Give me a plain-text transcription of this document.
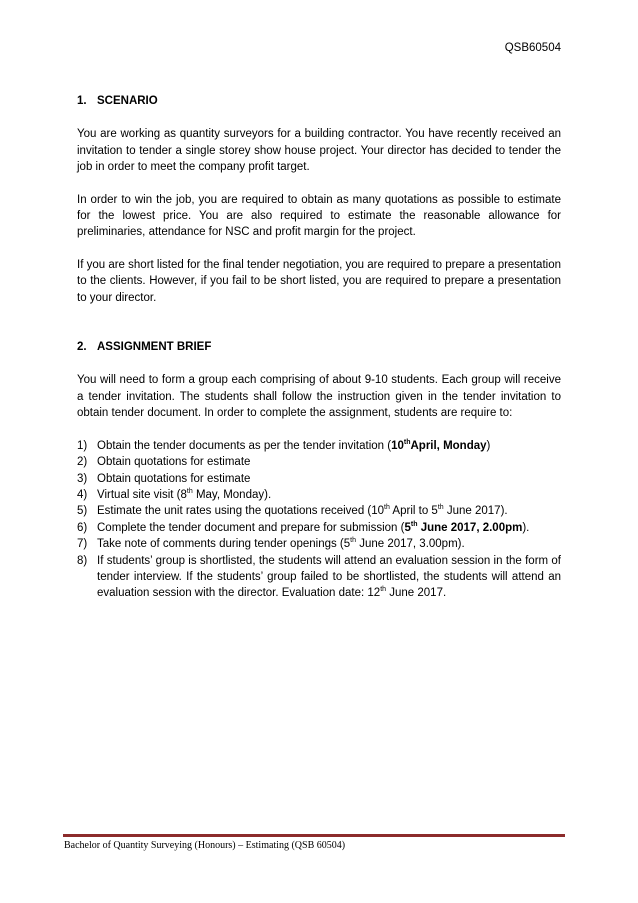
QSB60504
1. SCENARIO

You are working as quantity surveyors for a building contractor. You have recently received an invitation to tender a single storey show house project. Your director has decided to tender the job in order to meet the company profit target.

In order to win the job, you are required to obtain as many quotations as possible to estimate for the lowest price. You are also required to estimate the reasonable allowance for preliminaries, attendance for NSC and profit margin for the project.

If you are short listed for the final tender negotiation, you are required to prepare a presentation to the clients. However, if you fail to be short listed, you are required to prepare a presentation to your director.

2. ASSIGNMENT BRIEF

You will need to form a group each comprising of about 9-10 students. Each group will receive a tender invitation. The students shall follow the instruction given in the tender invitation to obtain tender document. In order to complete the assignment, students are require to:

1) Obtain the tender documents as per the tender invitation (10thApril, Monday)
2) Obtain quotations for estimate
3) Obtain quotations for estimate
4) Virtual site visit (8th May, Monday).
5) Estimate the unit rates using the quotations received (10th April to 5th June 2017).
6) Complete the tender document and prepare for submission (5th June 2017, 2.00pm).
7) Take note of comments during tender openings (5th June 2017, 3.00pm).
8) If students’ group is shortlisted, the students will attend an evaluation session in the form of tender interview. If the students’ group failed to be shortlisted, the students will attend an evaluation session with the director. Evaluation date: 12th June 2017.
Bachelor of Quantity Surveying (Honours) – Estimating (QSB 60504)
